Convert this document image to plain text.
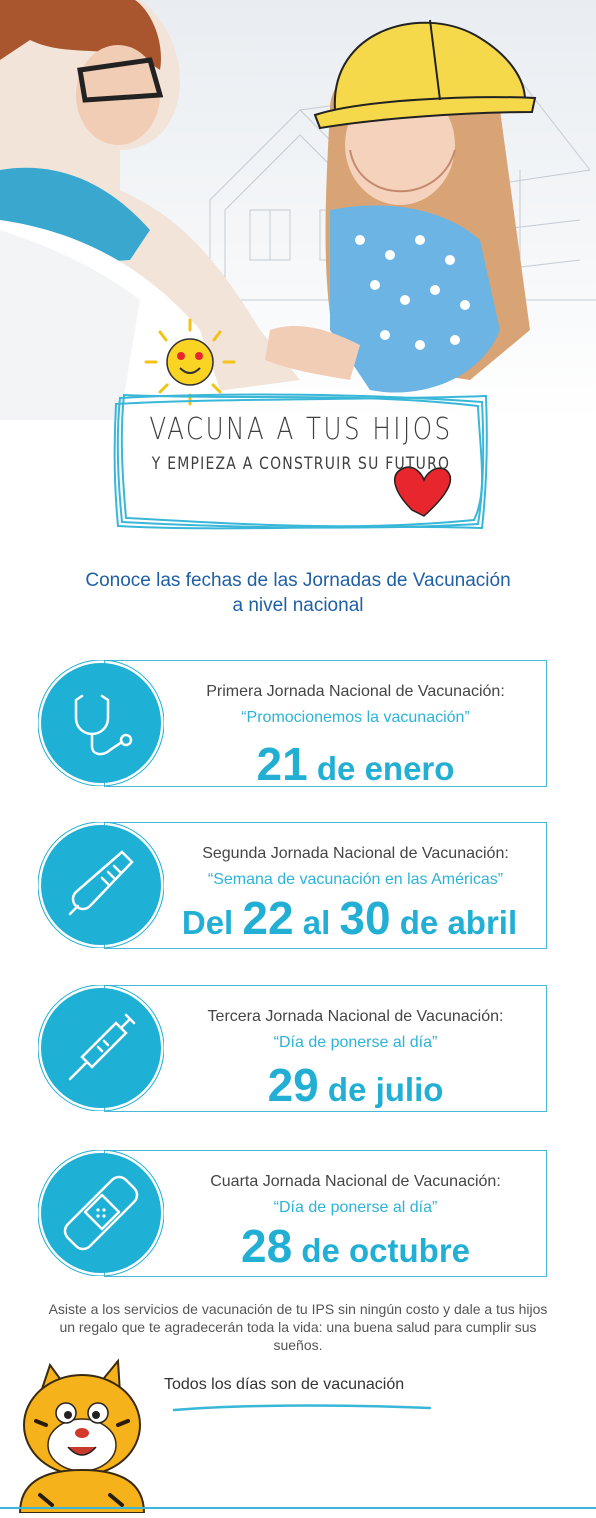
VACUNA A TUS HIJOS
Y EMPIEZA A CONSTRUIR SU FUTURO
Conoce las fechas de las Jornadas de Vacunación
a nivel nacional
Primera Jornada Nacional de Vacunación:
“Promocionemos la vacunación”
21 de enero
Segunda Jornada Nacional de Vacunación:
“Semana de vacunación en las Américas”
Del 22 al 30 de abril
Tercera Jornada Nacional de Vacunación:
“Día de ponerse al día”
29 de julio
Cuarta Jornada Nacional de Vacunación:
“Día de ponerse al día”
28 de octubre
Asiste a los servicios de vacunación de tu IPS sin ningún costo y dale a tus hijos un regalo que te agradecerán toda la vida: una buena salud para cumplir sus sueños.
Todos los días son de vacunación
